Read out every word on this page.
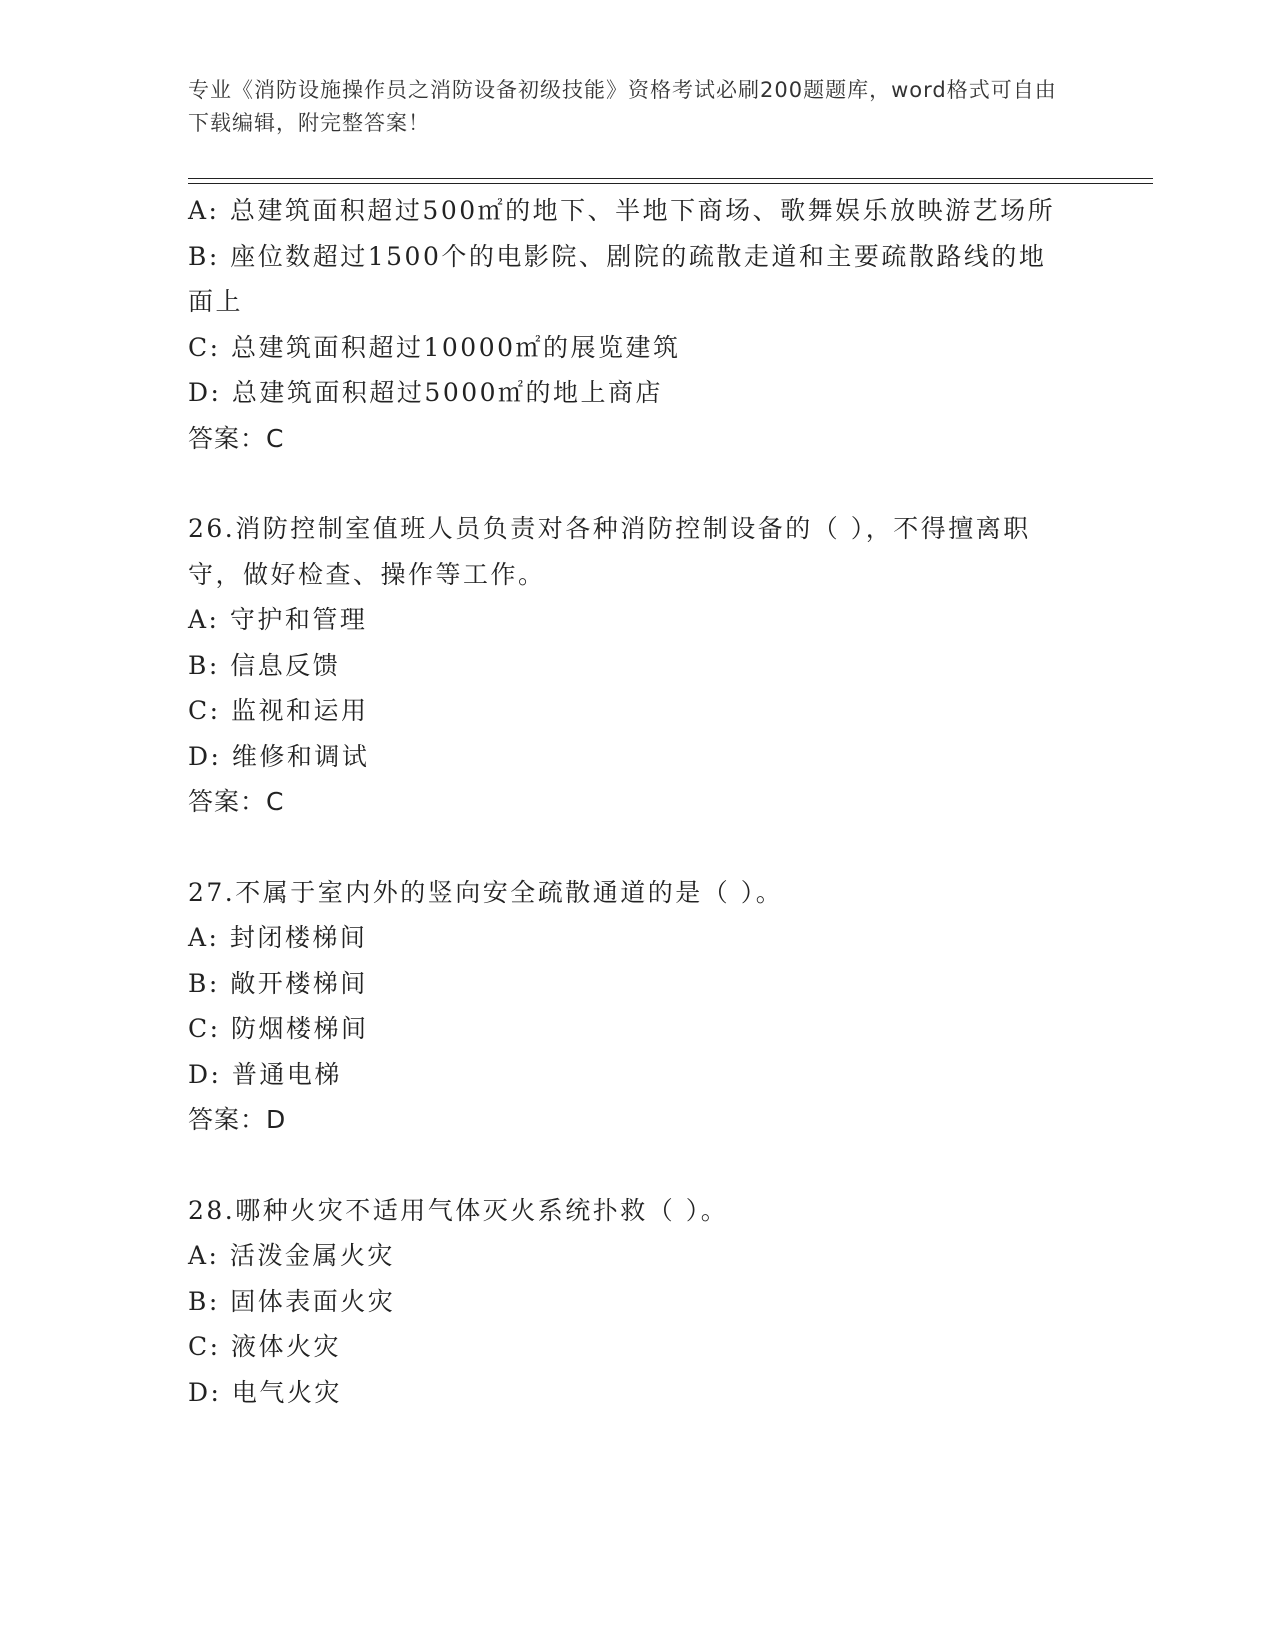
专业《消防设施操作员之消防设备初级技能》资格考试必刷200题题库，word格式可自由下载编辑，附完整答案！

A: 总建筑面积超过500㎡的地下、半地下商场、歌舞娱乐放映游艺场所

B: 座位数超过1500个的电影院、剧院的疏散走道和主要疏散路线的地面上

C: 总建筑面积超过10000㎡的展览建筑

D: 总建筑面积超过5000㎡的地上商店

答案：C

26.消防控制室值班人员负责对各种消防控制设备的（ ），不得擅离职守，做好检查、操作等工作。

A: 守护和管理

B: 信息反馈

C: 监视和运用

D: 维修和调试

答案：C

27.不属于室内外的竖向安全疏散通道的是（ ）。

A: 封闭楼梯间

B: 敞开楼梯间

C: 防烟楼梯间

D: 普通电梯

答案：D

28.哪种火灾不适用气体灭火系统扑救（ ）。

A: 活泼金属火灾

B: 固体表面火灾

C: 液体火灾

D: 电气火灾
